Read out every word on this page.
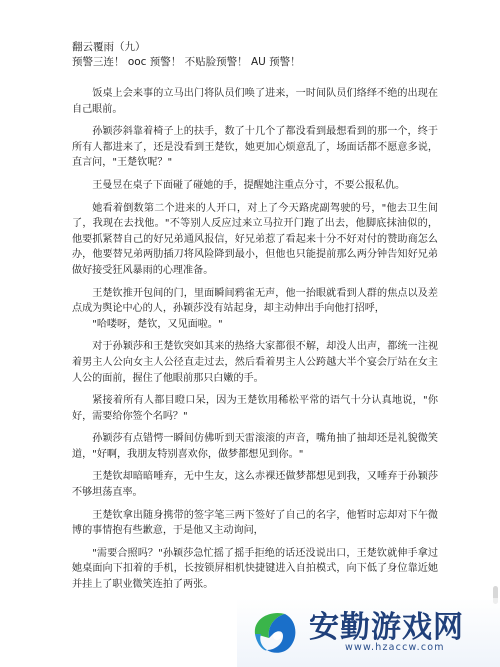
翻云覆雨（九）

预警三连！ ooc 预警！ 不贴脸预警！ AU 预警！

饭桌上会来事的立马出门将队员们唤了进来，一时间队员们络绎不绝的出现在自己眼前。

孙颖莎斜靠着椅子上的扶手，数了十几个了都没看到最想看到的那一个，终于所有人都进来了，还是没看到王楚钦，她更加心烦意乱了，场面话都不愿意多说，直言问，"王楚钦呢？"

王曼昱在桌子下面碰了碰她的手，提醒她注重点分寸，不要公报私仇。

她看着倒数第二个进来的人开口，对上了今天路虎副驾驶的号，"他去卫生间了，我现在去找他。"不等别人反应过来立马拉开门跑了出去，他脚底抹油似的，他要抓紧替自己的好兄弟通风报信，好兄弟惹了看起来十分不好对付的赞助商怎么办，他要替兄弟两肋插刀将风险降到最小，但他也只能提前那么两分钟告知好兄弟做好接受狂风暴雨的心理准备。

王楚钦推开包间的门，里面瞬间鸦雀无声，他一抬眼就看到人群的焦点以及差点成为舆论中心的人，孙颖莎没有站起身，却主动伸出手向他打招呼，

"哈喽呀，楚钦，又见面啦。"

对于孙颖莎和王楚钦突如其来的热络大家都很不解，却没人出声，都统一注视着男主人公向女主人公径直走过去，然后看着男主人公跨越大半个宴会厅站在女主人公的面前，握住了他眼前那只白嫩的手。

紧接着所有人都目瞪口呆，因为王楚钦用稀松平常的语气十分认真地说，"你好，需要给你签个名吗？"

孙颖莎有点错愕一瞬间仿佛听到天雷滚滚的声音，嘴角抽了抽却还是礼貌微笑道，"好啊，我朋友特别喜欢你，做梦都想见到你。"

王楚钦却暗暗唾弃，无中生友，这么赤裸还做梦都想见到我，又唾弃于孙颖莎不够坦荡直率。

王楚钦拿出随身携带的签字笔三两下签好了自己的名字，他暂时忘却对下午微博的事情抱有些歉意，于是他又主动询问，

"需要合照吗？"孙颖莎急忙摇了摇手拒绝的话还没说出口，王楚钦就伸手拿过她桌面向下扣着的手机，长按锁屏相机快捷键进入自拍模式，向下低了身位靠近她并挂上了职业微笑连拍了两张。

安勤游戏网
www.hzaccw.com
